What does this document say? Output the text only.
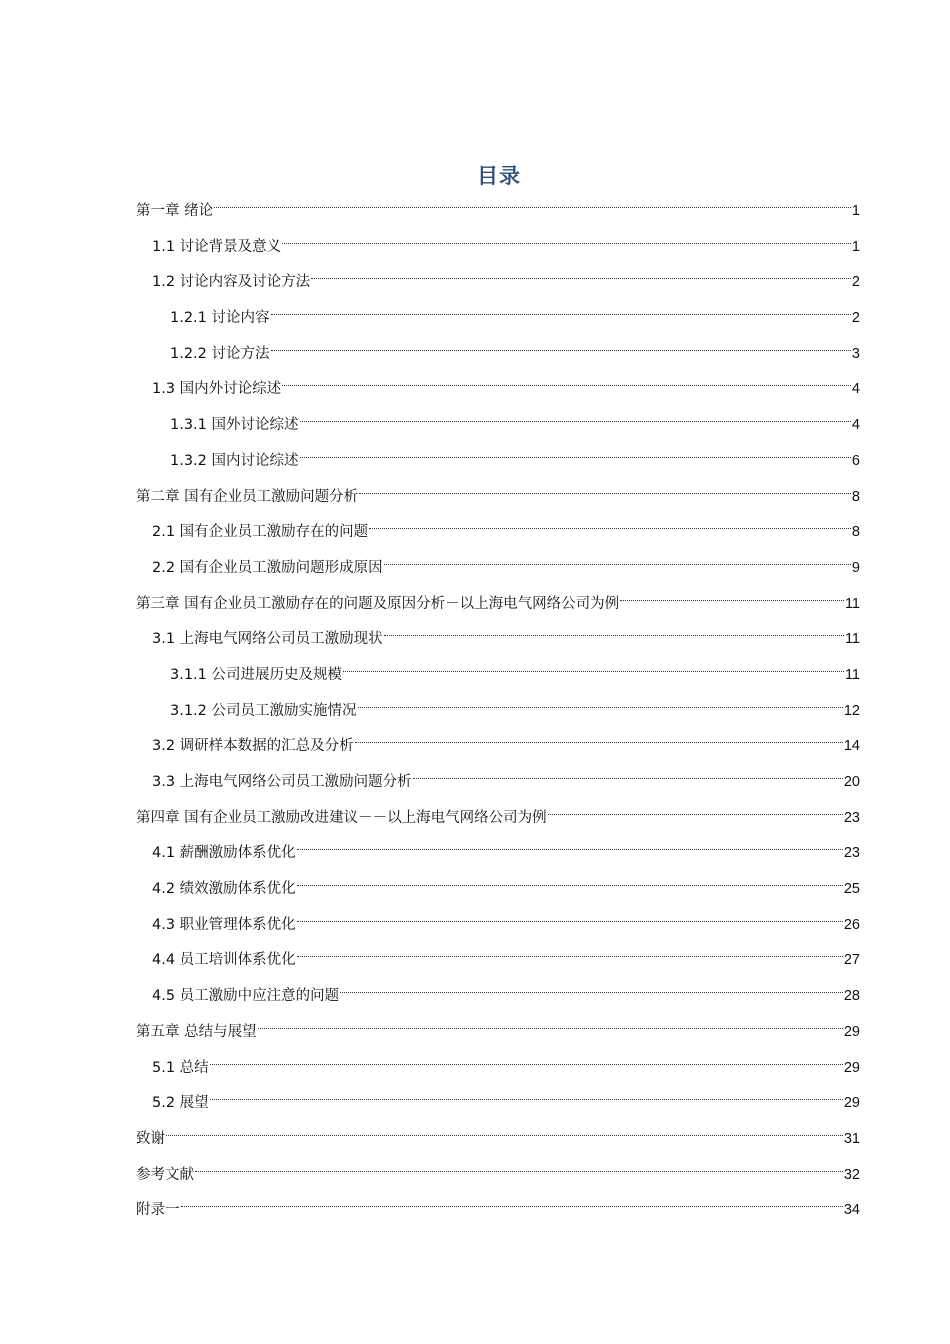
目录
第一章 绪论	1
1.1 讨论背景及意义	1
1.2 讨论内容及讨论方法	2
1.2.1 讨论内容	2
1.2.2 讨论方法	3
1.3 国内外讨论综述	4
1.3.1 国外讨论综述	4
1.3.2 国内讨论综述	6
第二章 国有企业员工激励问题分析	8
2.1 国有企业员工激励存在的问题	8
2.2 国有企业员工激励问题形成原因	9
第三章 国有企业员工激励存在的问题及原因分析－以上海电气网络公司为例	11
3.1 上海电气网络公司员工激励现状	11
3.1.1 公司进展历史及规模	11
3.1.2 公司员工激励实施情况	12
3.2 调研样本数据的汇总及分析	14
3.3 上海电气网络公司员工激励问题分析	20
第四章 国有企业员工激励改进建议－－以上海电气网络公司为例	23
4.1 薪酬激励体系优化	23
4.2 绩效激励体系优化	25
4.3 职业管理体系优化	26
4.4 员工培训体系优化	27
4.5 员工激励中应注意的问题	28
第五章 总结与展望	29
5.1 总结	29
5.2 展望	29
致谢	31
参考文献	32
附录一	34
